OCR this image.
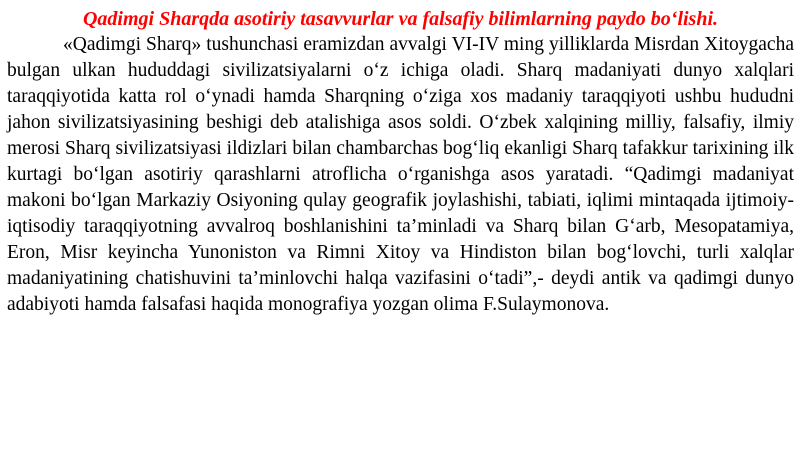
Qadimgi Sharqda asotiriy tasavvurlar va falsafiy bilimlarning paydo bo‘lishi.

«Qadimgi Sharq» tushunchasi eramizdan avvalgi VI-IV ming yilliklarda Misrdan Xitoygacha bulgan ulkan hududdagi sivilizatsiyalarni o‘z ichiga oladi. Sharq madaniyati dunyo xalqlari taraqqiyotida katta rol o‘ynadi hamda Sharqning o‘ziga xos madaniy taraqqiyoti ushbu hududni jahon sivilizatsiyasining beshigi deb atalishiga asos soldi. O‘zbek xalqining milliy, falsafiy, ilmiy merosi Sharq sivilizatsiyasi ildizlari bilan chambarchas bog‘liq ekanligi Sharq tafakkur tarixining ilk kurtagi bo‘lgan asotiriy qarashlarni atroflicha o‘rganishga asos yaratadi. “Qadimgi madaniyat makoni bo‘lgan Markaziy Osiyoning qulay geografik joylashishi, tabiati, iqlimi mintaqada ijtimoiy-iqtisodiy taraqqiyotning avvalroq boshlanishini ta’minladi va Sharq bilan G‘arb, Mesopatamiya, Eron, Misr keyincha Yunoniston va Rimni Xitoy va Hindiston bilan bog‘lovchi, turli xalqlar madaniyatining chatishuvini ta’minlovchi halqa vazifasini o‘tadi”,- deydi antik va qadimgi dunyo adabiyoti hamda falsafasi haqida monografiya yozgan olima F.Sulaymonova.
